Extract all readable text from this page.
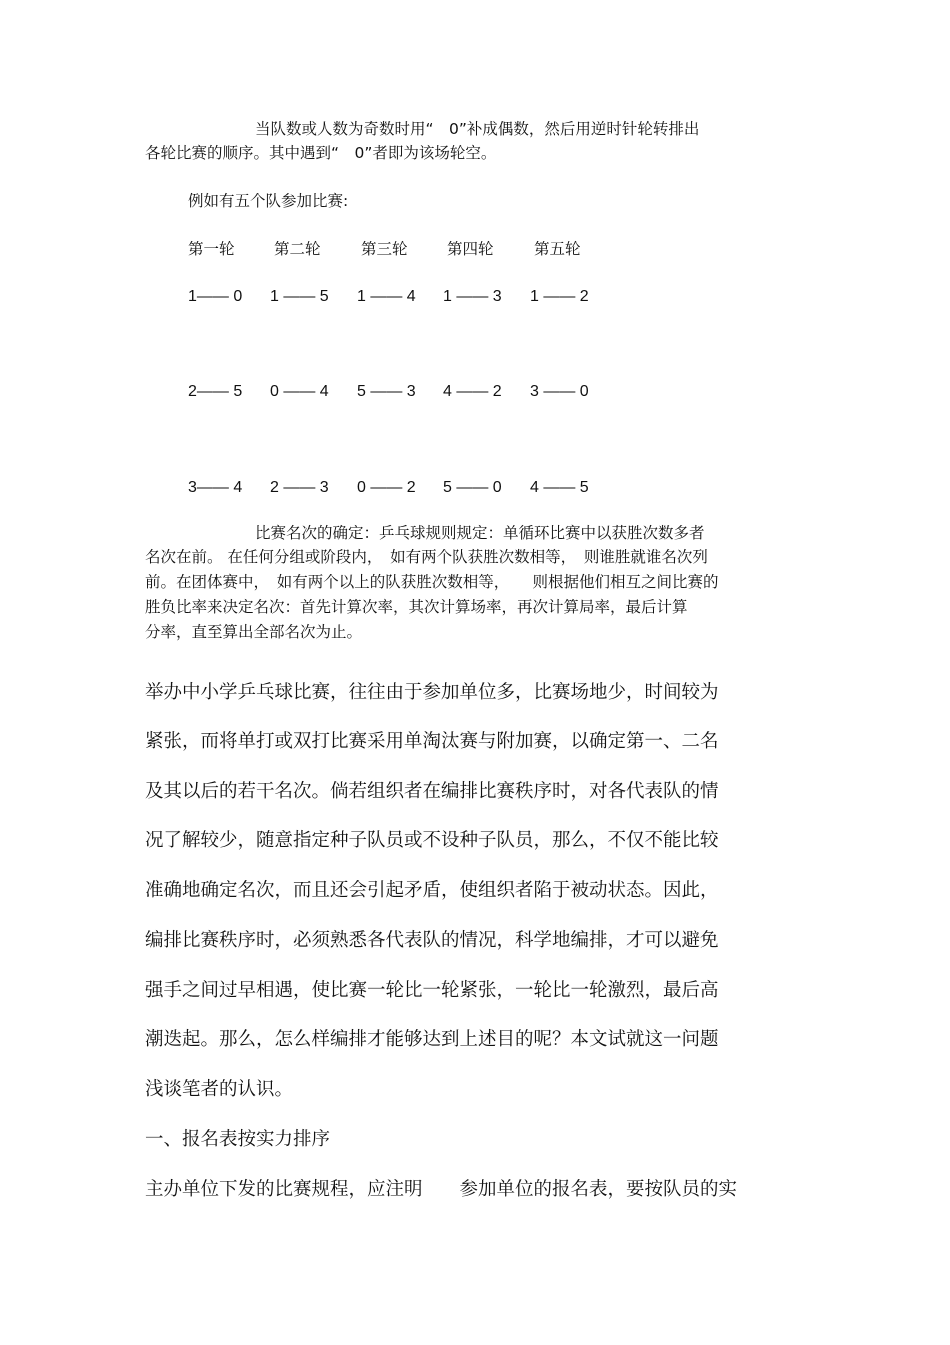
当队数或人数为奇数时用“　0”补成偶数，然后用逆时针轮转排出
各轮比赛的顺序。其中遇到“　0”者即为该场轮空。
例如有五个队参加比赛:
第一轮	第二轮	第三轮	第四轮	第五轮
1—— 0 1 —— 5 1 —— 4 1 —— 3 1 —— 2
2—— 5 0 —— 4 5 —— 3 4 —— 2 3 —— 0
3—— 4 2 —— 3 0 —— 2 5 —— 0 4 —— 5
比赛名次的确定：乒乓球规则规定：单循环比赛中以获胜次数多者
名次在前。 在任何分组或阶段内，　如有两个队获胜次数相等，　则谁胜就谁名次列
前。在团体赛中，　如有两个以上的队获胜次数相等，　　则根据他们相互之间比赛的
胜负比率来决定名次：首先计算次率，其次计算场率，再次计算局率，最后计算
分率，直至算出全部名次为止。
举办中小学乒乓球比赛，往往由于参加单位多，比赛场地少，时间较为
紧张，而将单打或双打比赛采用单淘汰赛与附加赛，以确定第一、二名
及其以后的若干名次。倘若组织者在编排比赛秩序时，对各代表队的情
况了解较少，随意指定种子队员或不设种子队员，那么，不仅不能比较
准确地确定名次，而且还会引起矛盾，使组织者陷于被动状态。因此，
编排比赛秩序时，必须熟悉各代表队的情况，科学地编排，才可以避免
强手之间过早相遇，使比赛一轮比一轮紧张，一轮比一轮激烈，最后高
潮迭起。那么，怎么样编排才能够达到上述目的呢？本文试就这一问题
浅谈笔者的认识。
一、报名表按实力排序
主办单位下发的比赛规程，应注明　　参加单位的报名表，要按队员的实
